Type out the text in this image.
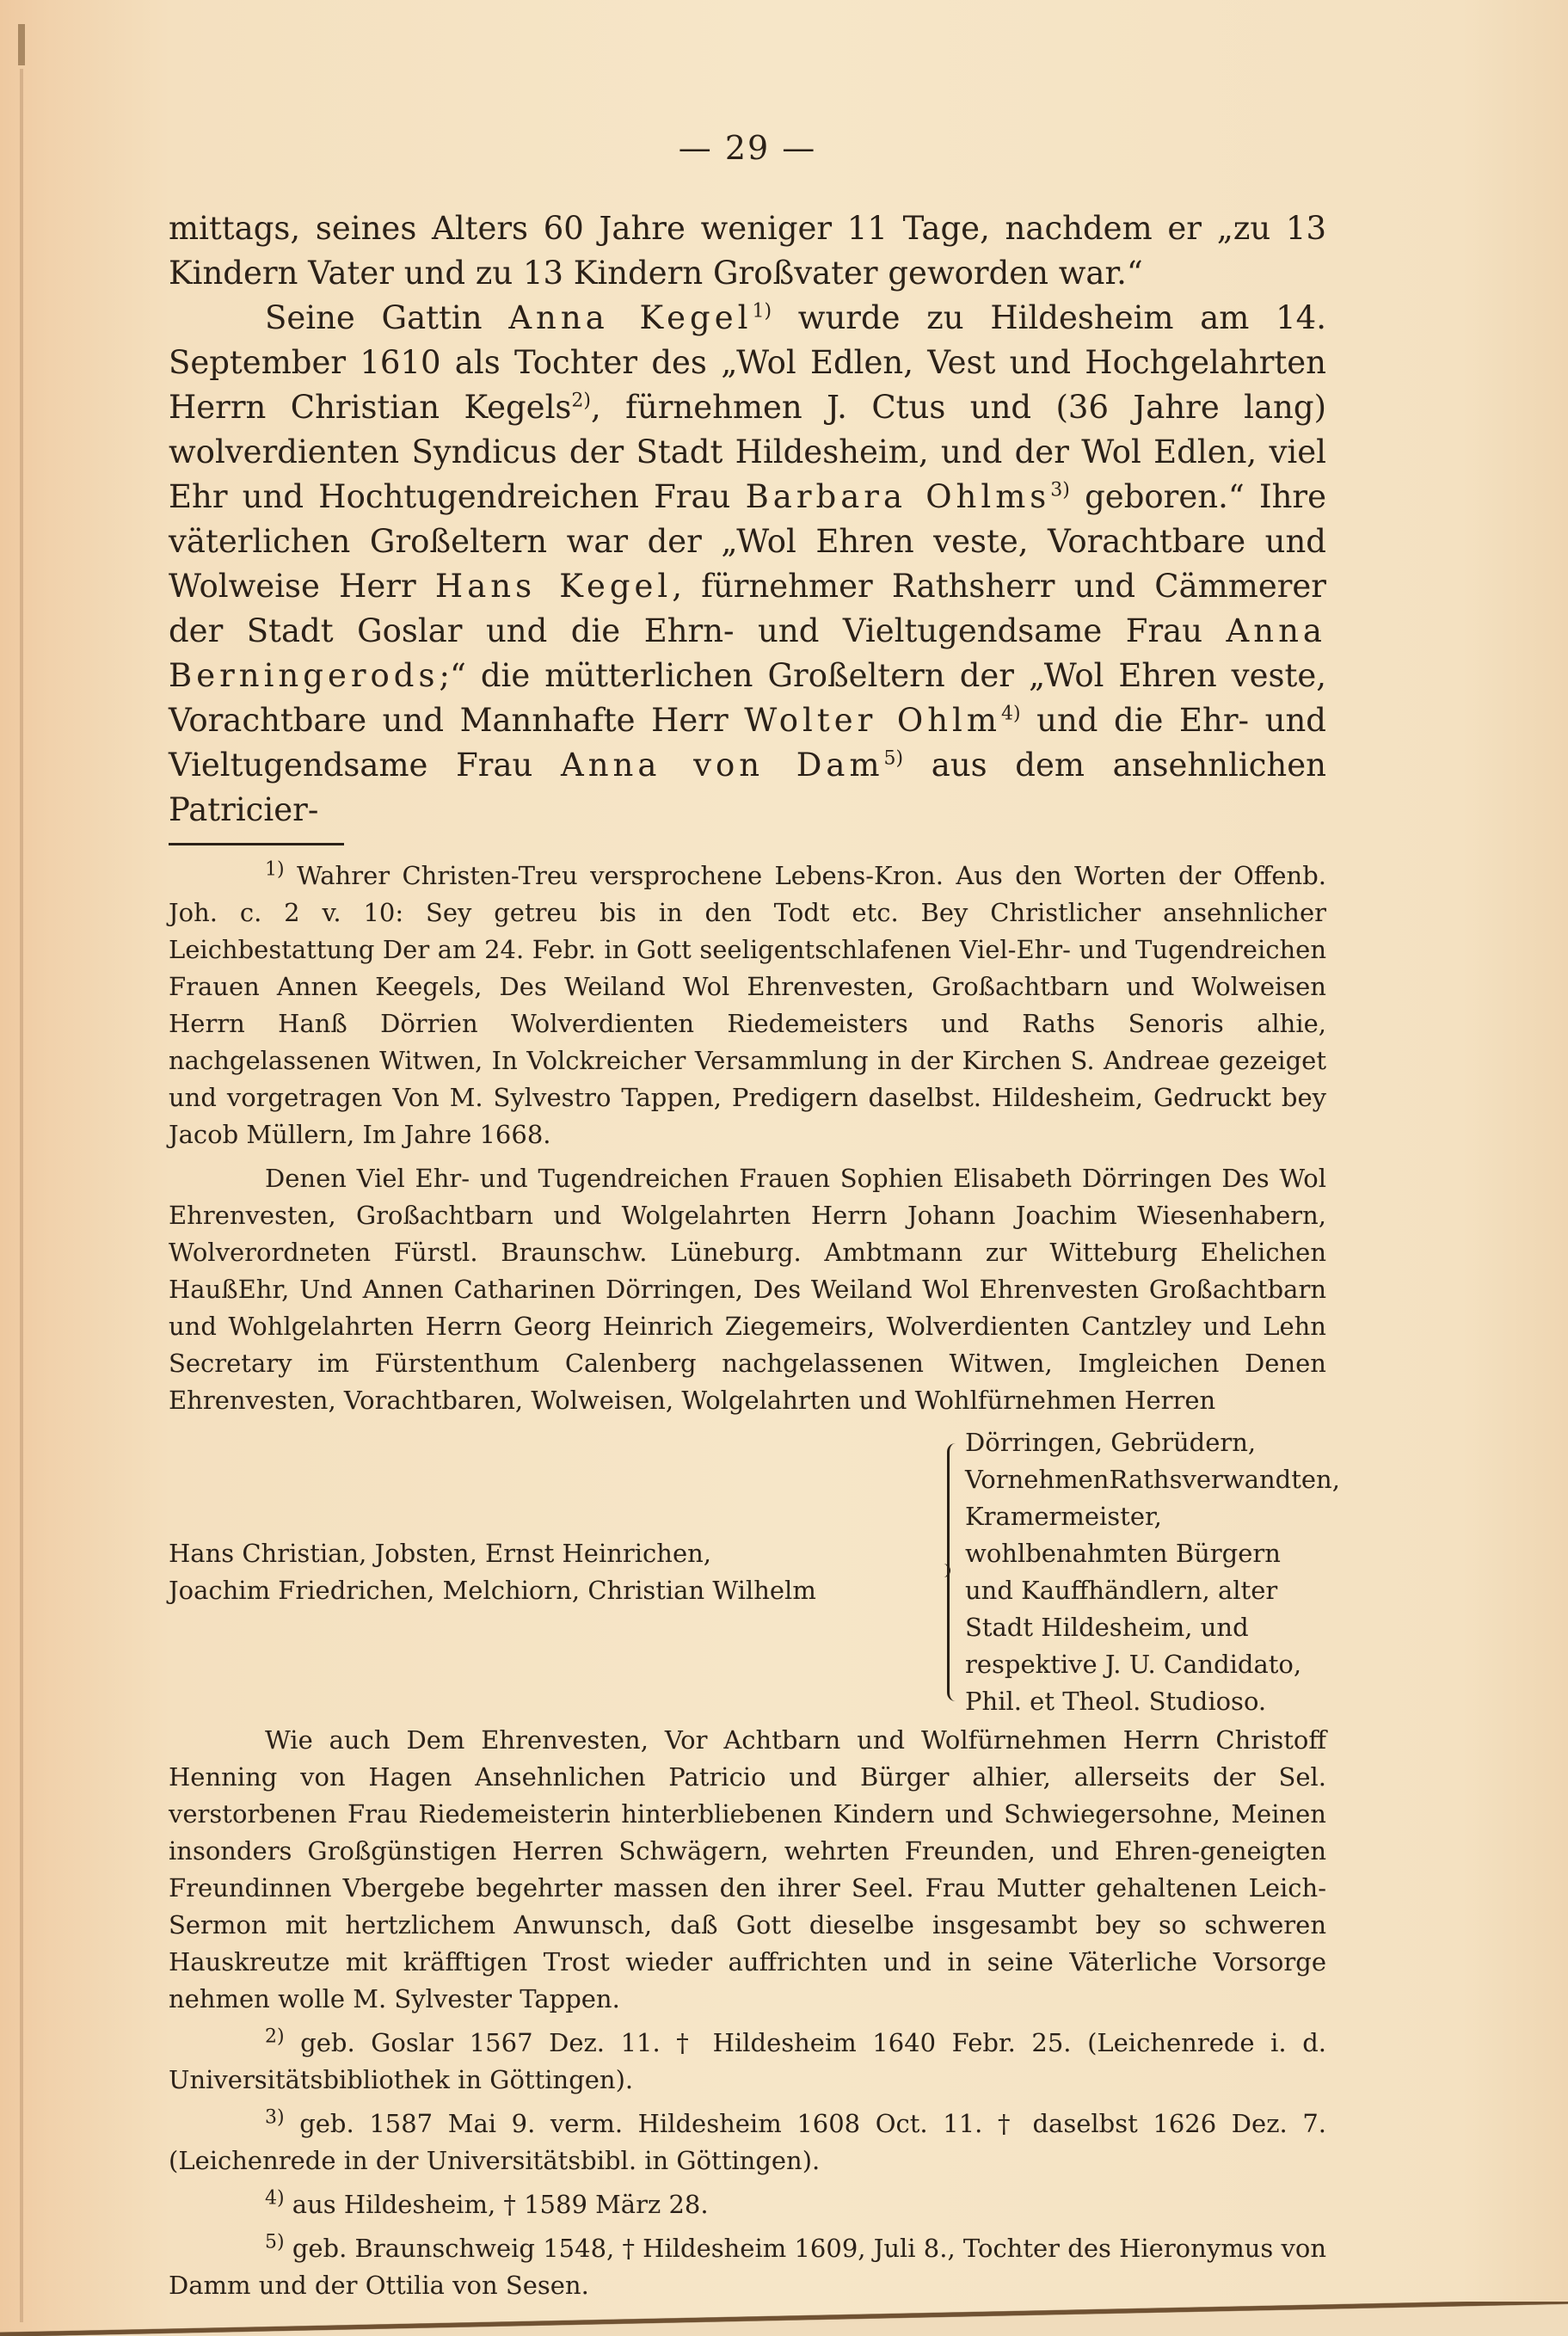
— 29 —

mittags, seines Alters 60 Jahre weniger 11 Tage, nachdem er „zu 13 Kindern Vater und zu 13 Kindern Großvater geworden war.“

Seine Gattin Anna Kegel$^{1)}$ wurde zu Hildesheim am 14. September 1610 als Tochter des „Wol Edlen, Vest und Hochgelahrten Herrn Christian Kegels$^{2)}$, fürnehmen J. Ctus und (36 Jahre lang) wolverdienten Syndicus der Stadt Hildesheim, und der Wol Edlen, viel Ehr und Hochtugendreichen Frau Barbara Ohlms$^{3)}$ geboren.“ Ihre väterlichen Großeltern war der „Wol Ehren veste, Vorachtbare und Wolweise Herr Hans Kegel, fürnehmer Rathsherr und Cämmerer der Stadt Goslar und die Ehrn- und Vieltugendsame Frau Anna Berningerods;“ die mütterlichen Großeltern der „Wol Ehren veste, Vorachtbare und Mannhafte Herr Wolter Ohlm$^{4)}$ und die Ehr- und Vieltugendsame Frau Anna von Dam$^{5)}$ aus dem ansehnlichen Patricier-

$^{1)}$ Wahrer Christen-Treu versprochene Lebens-Kron. Aus den Worten der Offenb. Joh. c. 2 v. 10: Sey getreu bis in den Todt etc. Bey Christlicher ansehnlicher Leichbestattung Der am 24. Febr. in Gott seeligentschlafenen Viel-Ehr- und Tugendreichen Frauen Annen Keegels, Des Weiland Wol Ehrenvesten, Großachtbarn und Wolweisen Herrn Hanß Dörrien Wolverdienten Riedemeisters und Raths Senoris alhie, nachgelassenen Witwen, In Volckreicher Versammlung in der Kirchen S. Andreae gezeiget und vorgetragen Von M. Sylvestro Tappen, Predigern daselbst. Hildesheim, Gedruckt bey Jacob Müllern, Im Jahre 1668.

Denen Viel Ehr- und Tugendreichen Frauen Sophien Elisabeth Dörringen Des Wol Ehrenvesten, Großachtbarn und Wolgelahrten Herrn Johann Joachim Wiesenhabern, Wolverordneten Fürstl. Braunschw. Lüneburg. Ambtmann zur Witteburg Ehelichen HaußEhr, Und Annen Catharinen Dörringen, Des Weiland Wol Ehrenvesten Großachtbarn und Wohlgelahrten Herrn Georg Heinrich Ziegemeirs, Wolverdienten Cantzley und Lehn Secretary im Fürstenthum Calenberg nachgelassenen Witwen, Imgleichen Denen Ehrenvesten, Vorachtbaren, Wolweisen, Wolgelahrten und Wohlfürnehmen Herren

Hans Christian, Jobsten, Ernst Heinrichen,
Joachim Friedrichen, Melchiorn, Christian Wilhelm
Dörringen, Gebrüdern, VornehmenRathsverwandten, Kramermeister, wohlbenahmten Bürgern und Kauffhändlern, alter Stadt Hildesheim, und respektive J. U. Candidato, Phil. et Theol. Studioso.

Wie auch Dem Ehrenvesten, Vor Achtbarn und Wolfürnehmen Herrn Christoff Henning von Hagen Ansehnlichen Patricio und Bürger alhier, allerseits der Sel. verstorbenen Frau Riedemeisterin hinterbliebenen Kindern und Schwiegersohne, Meinen insonders Großgünstigen Herren Schwägern, wehrten Freunden, und Ehren-geneigten Freundinnen Vbergebe begehrter massen den ihrer Seel. Frau Mutter gehaltenen Leich-Sermon mit hertzlichem Anwunsch, daß Gott dieselbe insgesambt bey so schweren Hauskreutze mit kräfftigen Trost wieder auffrichten und in seine Väterliche Vorsorge nehmen wolle M. Sylvester Tappen.

$^{2)}$ geb. Goslar 1567 Dez. 11. † Hildesheim 1640 Febr. 25. (Leichenrede i. d. Universitätsbibliothek in Göttingen).

$^{3)}$ geb. 1587 Mai 9. verm. Hildesheim 1608 Oct. 11. † daselbst 1626 Dez. 7. (Leichenrede in der Universitätsbibl. in Göttingen).

$^{4)}$ aus Hildesheim, † 1589 März 28.

$^{5)}$ geb. Braunschweig 1548, † Hildesheim 1609, Juli 8., Tochter des Hieronymus von Damm und der Ottilia von Sesen.
